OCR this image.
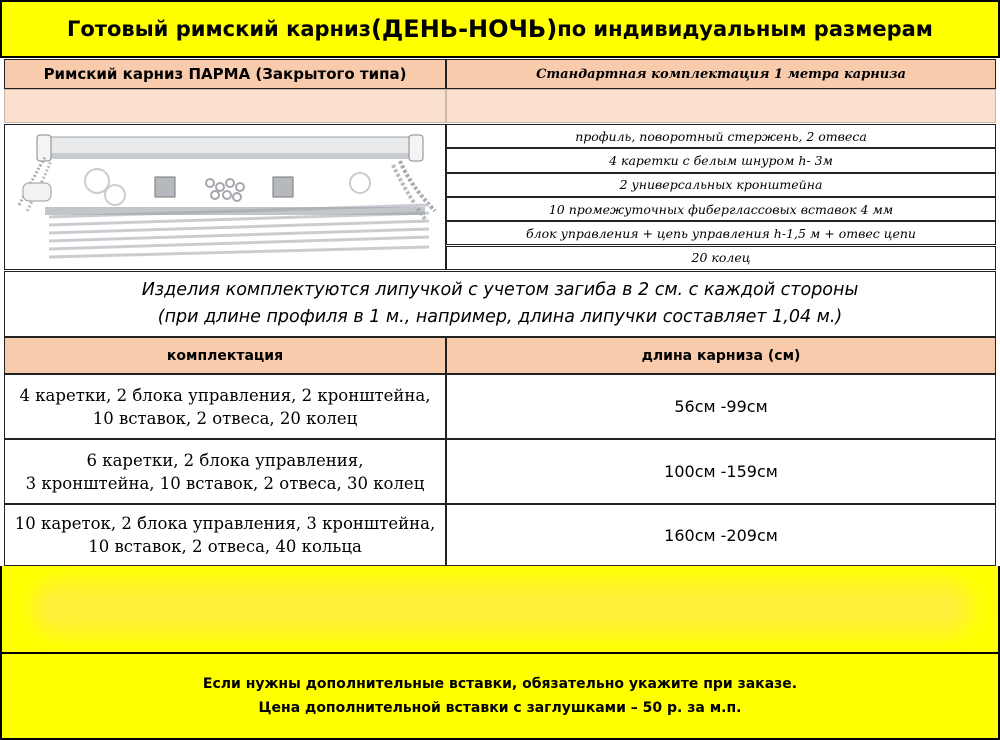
Готовый римский карниз (ДЕНЬ-НОЧЬ) по индивидуальным размерам
Римский карниз ПАРМА (Закрытого типа)	Стандартная комплектация 1 метра карниза
профиль, поворотный стержень, 2 отвеса
4 каретки с белым шнуром h- 3м
2 универсальных кронштейна
10 промежуточных фиберглассовых вставок 4 мм
блок управления + цепь управления h-1,5 м + отвес цепи
20 колец
Изделия комплектуются липучкой с учетом загиба в 2 см. с каждой стороны
(при длине профиля в 1 м., например, длина липучки составляет 1,04 м.)
комплектация	длина карниза (см)
4 каретки, 2 блока управления, 2 кронштейна,
10 вставок, 2 отвеса, 20 колец
56см -99см
6 каретки, 2 блока управления,
3 кронштейна, 10 вставок, 2 отвеса, 30 колец
100см -159см
10 кареток, 2 блока управления, 3 кронштейна,
10 вставок, 2 отвеса, 40 кольца
160см -209см
Если нужны дополнительные вставки, обязательно укажите при заказе.
Цена дополнительной вставки с заглушками – 50 р. за м.п.
